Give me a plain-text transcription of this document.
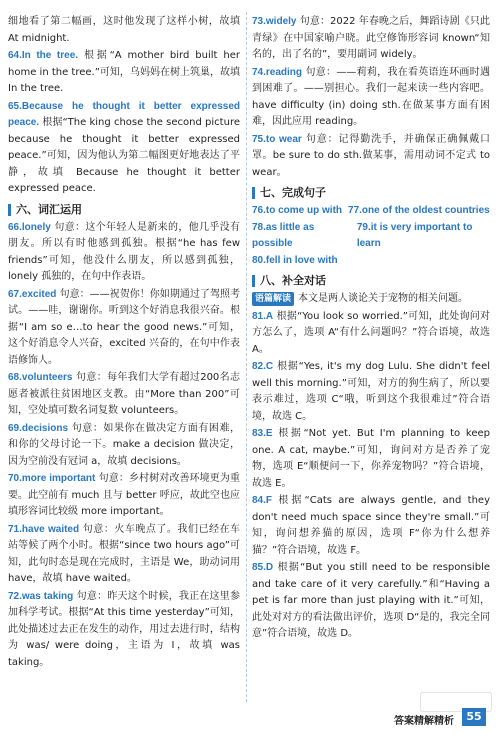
细地看了第二幅画，这时他发现了这样小树，故填 At midnight.

64.In the tree. 根据“A mother bird built her home in the tree.”可知，乌妈妈在树上筑巢，故填 In the tree.

65.Because he thought it better expressed peace. 根据“The king chose the second picture because he thought it better expressed peace.”可知，因为他认为第二幅图更好地表达了平静，故填 Because he thought it better expressed peace.

六、词汇运用

66.lonely 句意：这个年轻人是新来的，他几乎没有朋友。所以有时他感到孤独。根据“he has few friends”可知，他没什么朋友，所以感到孤独，lonely 孤独的，在句中作表语。

67.excited 句意：——祝贺你！你如期通过了驾照考试。——哇，谢谢你。听到这个好消息我很兴奋。根据“I am so e…to hear the good news.”可知，这个好消息令人兴奋，excited 兴奋的，在句中作表语修饰人。

68.volunteers 句意：每年我们大学有超过200名志愿者被派往贫困地区支教。由“More than 200”可知，空处填可数名词复数 volunteers。

69.decisions 句意：如果你在做决定方面有困难，和你的父母讨论一下。make a decision 做决定，因为空前没有冠词 a，故填 decisions。

70.more important 句意：乡村树对改善环境更为重要。此空前有 much 且与 better 呼应，故此空也应填形容词比较级 more important。

71.have waited 句意：火车晚点了。我们已经在车站等候了两个小时。根据“since two hours ago”可知，此句时态是现在完成时，主语是 We，助动词用 have，故填 have waited。

72.was taking 句意：昨天这个时候，我正在这里参加科学考试。根据“At this time yesterday”可知，此处描述过去正在发生的动作，用过去进行时，结构为 was/ were doing，主语为 I，故填 was taking。

73.widely 句意：2022 年春晚之后，舞蹈诗剧《只此青绿》在中国家喻户晓。此空修饰形容词 known“知名的，出了名的”，要用副词 widely。

74.reading 句意：——莉莉，我在看英语连环画时遇到困难了。——别担心。我们一起来读一些内容吧。have difficulty (in) doing sth.在做某事方面有困难，因此应用 reading。

75.to wear 句意：记得勤洗手，并确保正确佩戴口罩。be sure to do sth.做某事，需用动词不定式 to wear。

七、完成句子
76.to come up with 77.one of the oldest countries
78.as little as possible
79.it is very important to learn
80.fell in love with
八、补全对话

语篇解读 本文是两人谈论关于宠物的相关问题。

81.A 根据“You look so worried.”可知，此处询问对方怎么了，选项 A“有什么问题吗？”符合语境，故选 A。

82.C 根据“Yes, it's my dog Lulu. She didn't feel well this morning.”可知，对方的狗生病了，所以要表示难过，选项 C“哦，听到这个我很难过”符合语境，故选 C。

83.E 根据“Not yet. But I'm planning to keep one. A cat, maybe.”可知，询问对方是否养了宠物，选项 E“顺便问一下，你养宠物吗？”符合语境，故选 E。

84.F 根据“Cats are always gentle, and they don't need much space since they're small.”可知，询问想养猫的原因，选项 F“你为什么想养猫？”符合语境，故选 F。

85.D 根据“But you still need to be responsible and take care of it very carefully.”和“Having a pet is far more than just playing with it.”可知，此处对对方的看法做出评价，选项 D“是的，我完全同意”符合语境，故选 D。

答案精解精析	55
